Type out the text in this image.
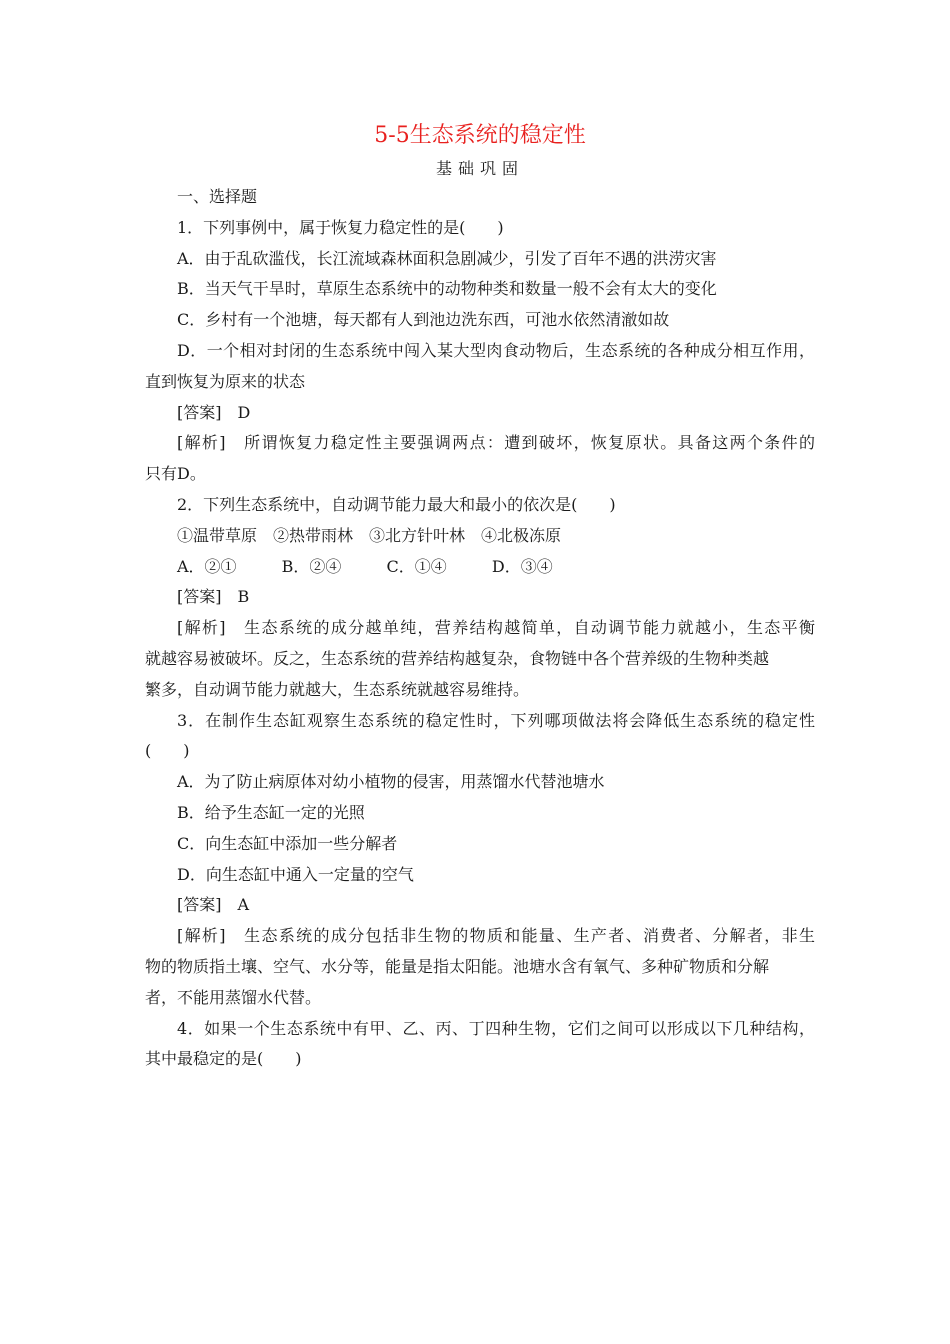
5-5生态系统的稳定性
基础巩固
一、选择题
1．下列事例中，属于恢复力稳定性的是(　　)
A．由于乱砍滥伐，长江流域森林面积急剧减少，引发了百年不遇的洪涝灾害
B．当天气干旱时，草原生态系统中的动物种类和数量一般不会有太大的变化
C．乡村有一个池塘，每天都有人到池边洗东西，可池水依然清澈如故
D．一个相对封闭的生态系统中闯入某大型肉食动物后，生态系统的各种成分相互作用，
直到恢复为原来的状态
[答案]　D
[解析]　所谓恢复力稳定性主要强调两点：遭到破坏，恢复原状。具备这两个条件的
只有D。
2．下列生态系统中，自动调节能力最大和最小的依次是(　　)
①温带草原　②热带雨林　③北方针叶林　④北极冻原
A．②①	B．②④	C．①④	D．③④
[答案]　B
[解析]　生态系统的成分越单纯，营养结构越简单，自动调节能力就越小，生态平衡
就越容易被破坏。反之，生态系统的营养结构越复杂，食物链中各个营养级的生物种类越
繁多，自动调节能力就越大，生态系统就越容易维持。
3．在制作生态缸观察生态系统的稳定性时，下列哪项做法将会降低生态系统的稳定性
(　　)
A．为了防止病原体对幼小植物的侵害，用蒸馏水代替池塘水
B．给予生态缸一定的光照
C．向生态缸中添加一些分解者
D．向生态缸中通入一定量的空气
[答案]　A
[解析]　生态系统的成分包括非生物的物质和能量、生产者、消费者、分解者，非生
物的物质指土壤、空气、水分等，能量是指太阳能。池塘水含有氧气、多种矿物质和分解
者，不能用蒸馏水代替。
4．如果一个生态系统中有甲、乙、丙、丁四种生物，它们之间可以形成以下几种结构，
其中最稳定的是(　　)
